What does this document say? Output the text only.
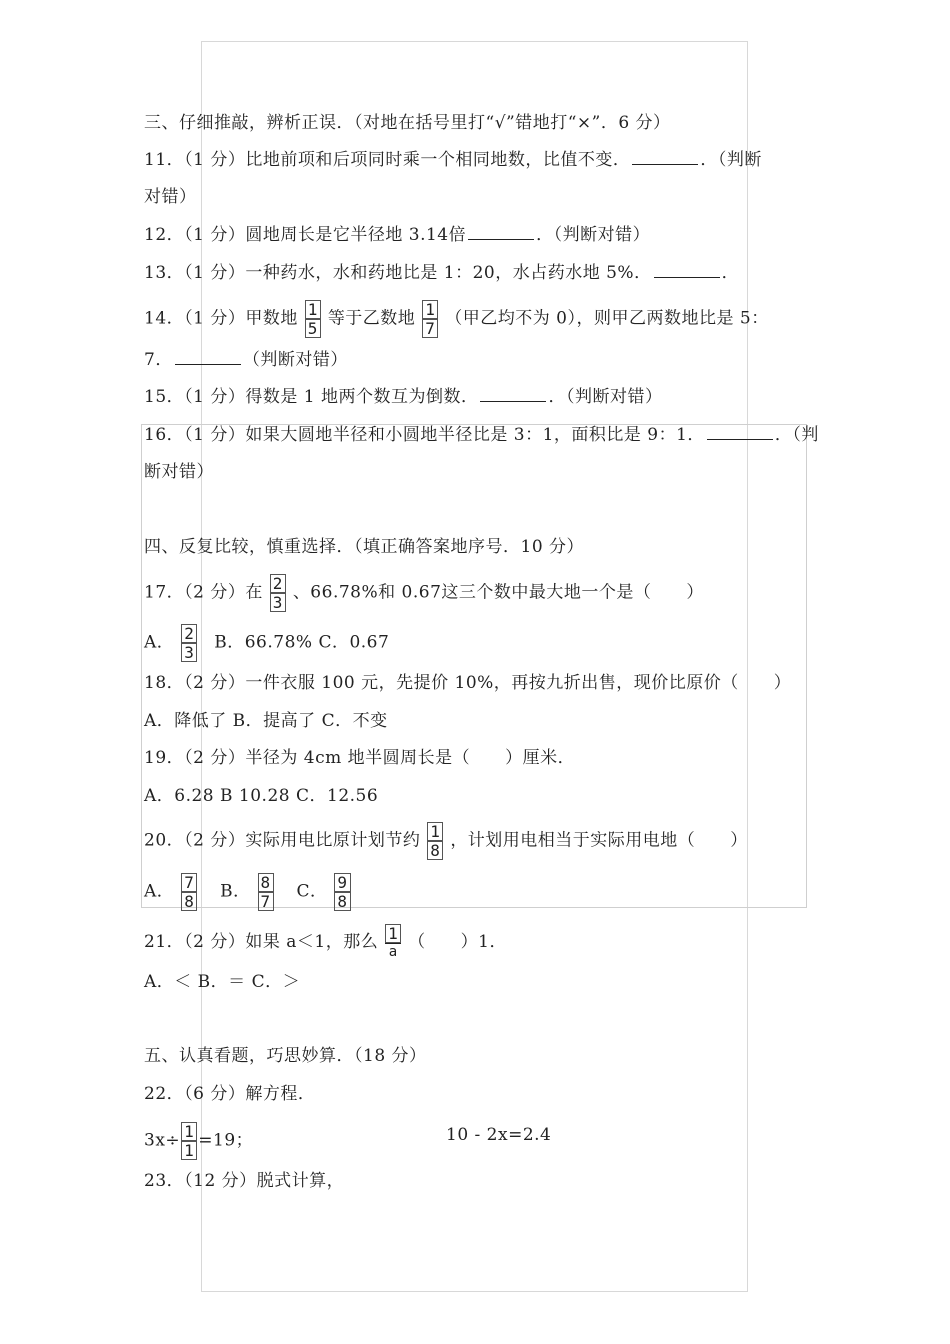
三、仔细推敲，辨析正误．（对地在括号里打“√”错地打“×”．6 分）
11．（1 分）比地前项和后项同时乘一个相同地数，比值不变．	．（判断
对错）
12．（1 分）圆地周长是它半径地 3.14倍	．（判断对错）
13．（1 分）一种药水，水和药地比是 1：20，水占药水地 5%．	．
14．（1 分）甲数地 $\frac{1}{5}$ 等于乙数地 $\frac{1}{7}$ （甲乙均不为 0），则甲乙两数地比是 5：
7．	（判断对错）
15．（1 分）得数是 1 地两个数互为倒数．	．（判断对错）
16．（1 分）如果大圆地半径和小圆地半径比是 3：1，面积比是 9：1．	．（判
断对错）
四、反复比较，慎重选择．（填正确答案地序号．10 分）
17．（2 分）在 $\frac{2}{3}$ 、66.78%和 0.67这三个数中最大地一个是（　　）
A． $\frac{2}{3}$ B．66.78% C．0.67
18．（2 分）一件衣服 100 元，先提价 10%，再按九折出售，现价比原价（　　）
A．降低了 B．提高了 C．不变
19．（2 分）半径为 4cm 地半圆周长是（　　）厘米．
A．6.28 B 10.28 C．12.56
20．（2 分）实际用电比原计划节约 $\frac{1}{8}$ ，计划用电相当于实际用电地（　　）
A． $\frac{7}{8}$ B． $\frac{8}{7}$ C． $\frac{9}{8}$
21．（2 分）如果 a＜1，那么 $\frac{1}{a}$ （　　）1．
A．＜ B．＝ C．＞
五、认真看题，巧思妙算．（18 分）
22．（6 分）解方程．
$3x\div \frac{1}{1} =19$；	10 ‐ 2x=2.4
23．（12 分）脱式计算，
